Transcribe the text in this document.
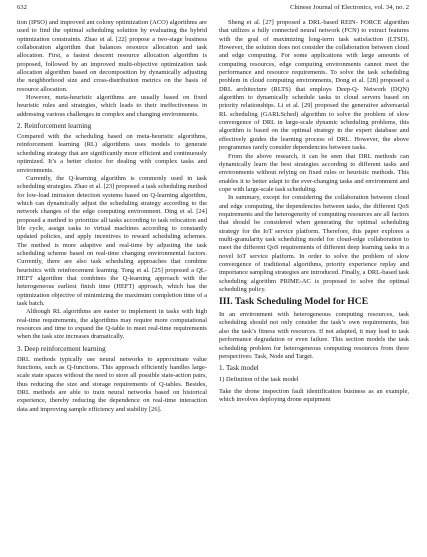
632	Chinese Journal of Electronics, vol. 34, no. 2

tion (IPSO) and improved ant colony optimization (ACO) algorithms are used to find the optimal scheduling solution by evaluating the hybrid optimization constraints. Zhao et al. [22] propose a two-stage business collaboration algorithm that balances resource allocation and task allocation. First, a fastest descent resource allocation algorithm is proposed, followed by an improved multi-objective optimization task allocation algorithm based on decomposition by dynamically adjusting the neighborhood size and cross-distribution metrics on the basis of resource allocation.

However, meta-heuristic algorithms are usually based on fixed heuristic rules and strategies, which leads to their ineffectiveness in addressing various challenges in complex and changing environments.

2. Reinforcement learning

Compared with the scheduling based on meta-heuristic algorithms, reinforcement learning (RL) algorithms uses models to generate scheduling strategy that are significantly more efficient and continuously optimized. It’s a better choice for dealing with complex tasks and environments.

Currently, the Q-learning algorithm is commonly used in task scheduling strategies. Zhao et al. [23] proposed a task scheduling method for low-load intrusion detection systems based on Q-learning algorithm, which can dynamically adjust the scheduling strategy according to the network changes of the edge computing environment. Ding et al. [24] proposed a method to prioritize all tasks according to task relocation and life cycle, assign tasks to virtual machines according to constantly updated policies, and apply incentives to reward scheduling schemes. The method is more adaptive and real-time by adjusting the task scheduling scheme based on real-time changing environmental factors. Currently, there are also task scheduling approaches that combine heuristics with reinforcement learning. Tong et al. [25] proposed a QL- HEFT algorithm that combines the Q-learning approach with the heterogeneous earliest finish time (HEFT) approach, which has the optimization objective of minimizing the maximum completion time of a task batch.

Although RL algorithms are easier to implement in tasks with high real-time requirements, the algorithms may require more computational resources and time to expand the Q-table to meet real-time requirements when the task size increases dramatically.

3. Deep reinforcement learning

DRL methods typically use neural networks to approximate value functions, such as Q-functions. This approach efficiently handles large-scale state spaces without the need to store all possible state-action pairs, thus reducing the size and storage requirements of Q-tables. Besides, DRL methods are able to train neural networks based on historical experience, thereby reducing the dependence on real-time interaction data and improving sample efficiency and stability [26].

Sheng et al. [27] proposed a DRL-based REIN- FORCE algorithm that utilizes a fully connected neural network (FCN) to extract features with the goal of maximizing long-term task satisfaction (LTSD). However, the solution does not consider the collaboration between cloud and edge computing. For some applications with large amounts of computing resources, edge computing environments cannot meet the performance and resource requirements. To solve the task scheduling problem in cloud computing environments, Dong et al. [28] proposed a DRL architecture (RLTS) that employs Deep-Q- Network (DQN) algorithm to dynamically schedule tasks to cloud servers based on priority relationships. Li et al. [29] proposed the generative adversarial RL scheduling (GARLSched) algorithm to solve the problem of slow convergence of DRL in large-scale dynamic scheduling problems, this algorithm is based on the optimal strategy in the expert database and effectively guides the learning process of DRL. However, the above programmes rarely consider dependencies between tasks.

From the above research, it can be seen that DRL methods can dynamically learn the best strategies according to different tasks and environments without relying on fixed rules or heuristic methods. This enables it to better adapt to the ever-changing tasks and environment and cope with large-scale task scheduling.

In summary, except for considering the collaboration between cloud and edge computing, the dependencies between tasks, the different QoS requirements and the heterogeneity of computing resources are all factors that should be considered when generating the optimal scheduling strategy for the IoT service platform. Therefore, this paper explores a multi-granularity task scheduling model for cloud-edge collaboration to meet the different QoS requirements of different deep learning tasks in a novel IoT service platform. In order to solve the problem of slow convergence of traditional algorithms, priority experience replay and importance sampling strategies are introduced. Finally, a DRL-based task scheduling algorithm PRIME-AC is proposed to solve the optimal scheduling policy.

III. Task Scheduling Model for HCE

In an environment with heterogeneous computing resources, task scheduling should not only consider the task’s own requirements, but also the task’s fitness with resources. If not adapted, it may lead to task performance degradation or even failure. This section models the task scheduling problem for heterogeneous computing resources from three perspectives: Task, Node and Target.

1. Task model
1) Definition of the task model

Take the drone inspection fault identification business as an example, which involves deploying drone equipment
